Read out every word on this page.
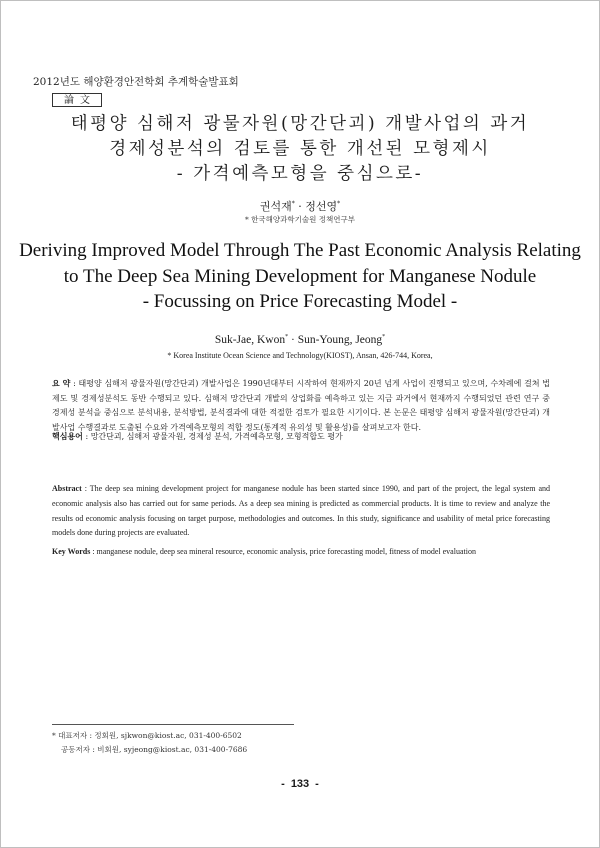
2012년도 해양환경안전학회 추계학술발표회
論文
태평양 심해저 광물자원(망간단괴) 개발사업의 과거
경제성분석의 검토를 통한 개선된 모형제시
- 가격예측모형을 중심으로-
권석재* · 정선영*
* 한국해양과학기술원 정책연구부
Deriving Improved Model Through The Past Economic Analysis Relating
to The Deep Sea Mining Development for Manganese Nodule
- Focussing on Price Forecasting Model -
Suk-Jae, Kwon* · Sun-Young, Jeong*
* Korea Institute Ocean Science and Technology(KIOST), Ansan, 426-744, Korea,
요 약 : 태평양 심해저 광물자원(망간단괴) 개발사업은 1990년대부터 시작하여 현재까지 20년 넘게 사업이 진행되고 있으며, 수차례에 걸쳐 법 제도 및 경제성분석도 동반 수행되고 있다. 심해저 망간단괴 개발의 상업화를 예측하고 있는 지금 과거에서 현재까지 수행되었던 관련 연구 중 경제성 분석을 중심으로 분석내용, 분석방법, 분석결과에 대한 적절한 검토가 필요한 시기이다. 본 논문은 태평양 심해저 광물자원(망간단괴) 개발사업 수행결과로 도출된 수요와 가격예측모형의 적합 정도(통계적 유의성 및 활용성)를 살펴보고자 한다.
핵심용어 : 망간단괴, 심해저 광물자원, 경제성 분석, 가격예측모형, 모형적합도 평가
Abstract : The deep sea mining development project for manganese nodule has been started since 1990, and part of the project, the legal system and economic analysis also has carried out for same periods. As a deep sea mining is predicted as commercial products. It is time to review and analyze the results od economic analysis focusing on target purpose, methodologies and outcomes. In this study, significance and usability of metal price forecasting models done during projects are evaluated.
Key Words : manganese nodule, deep sea mineral resource, economic analysis, price forecasting model, fitness of model evaluation
* 대표저자 : 정회원, sjkwon@kiost.ac, 031-400-6502
공동저자 : 비회원, syjeong@kiost.ac, 031-400-7686
- 133 -
